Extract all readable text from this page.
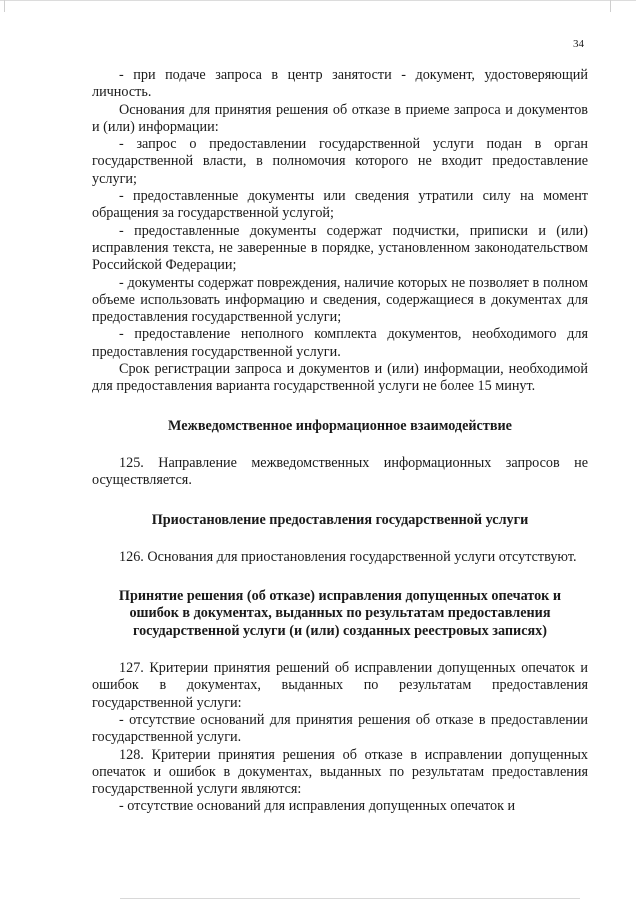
34

- при подаче запроса в центр занятости - документ, удостоверяющий личность.

Основания для принятия решения об отказе в приеме запроса и документов и (или) информации:

- запрос о предоставлении государственной услуги подан в орган государственной власти, в полномочия которого не входит предоставление услуги;

- предоставленные документы или сведения утратили силу на момент обращения за государственной услугой;

- предоставленные документы содержат подчистки, приписки и (или) исправления текста, не заверенные в порядке, установленном законодательством Российской Федерации;

- документы содержат повреждения, наличие которых не позволяет в полном объеме использовать информацию и сведения, содержащиеся в документах для предоставления государственной услуги;

- предоставление неполного комплекта документов, необходимого для предоставления государственной услуги.

Срок регистрации запроса и документов и (или) информации, необходимой для предоставления варианта государственной услуги не более 15 минут.

Межведомственное информационное взаимодействие

125. Направление межведомственных информационных запросов не осуществляется.

Приостановление предоставления государственной услуги

126. Основания для приостановления государственной услуги отсутствуют.

Принятие решения (об отказе) исправления допущенных опечаток и ошибок в документах, выданных по результатам предоставления государственной услуги (и (или) созданных реестровых записях)

127. Критерии принятия решений об исправлении допущенных опечаток и ошибок в документах, выданных по результатам предоставления государственной услуги:

- отсутствие оснований для принятия решения об отказе в предоставлении государственной услуги.

128. Критерии принятия решения об отказе в исправлении допущенных опечаток и ошибок в документах, выданных по результатам предоставления государственной услуги являются:

- отсутствие оснований для исправления допущенных опечаток и
